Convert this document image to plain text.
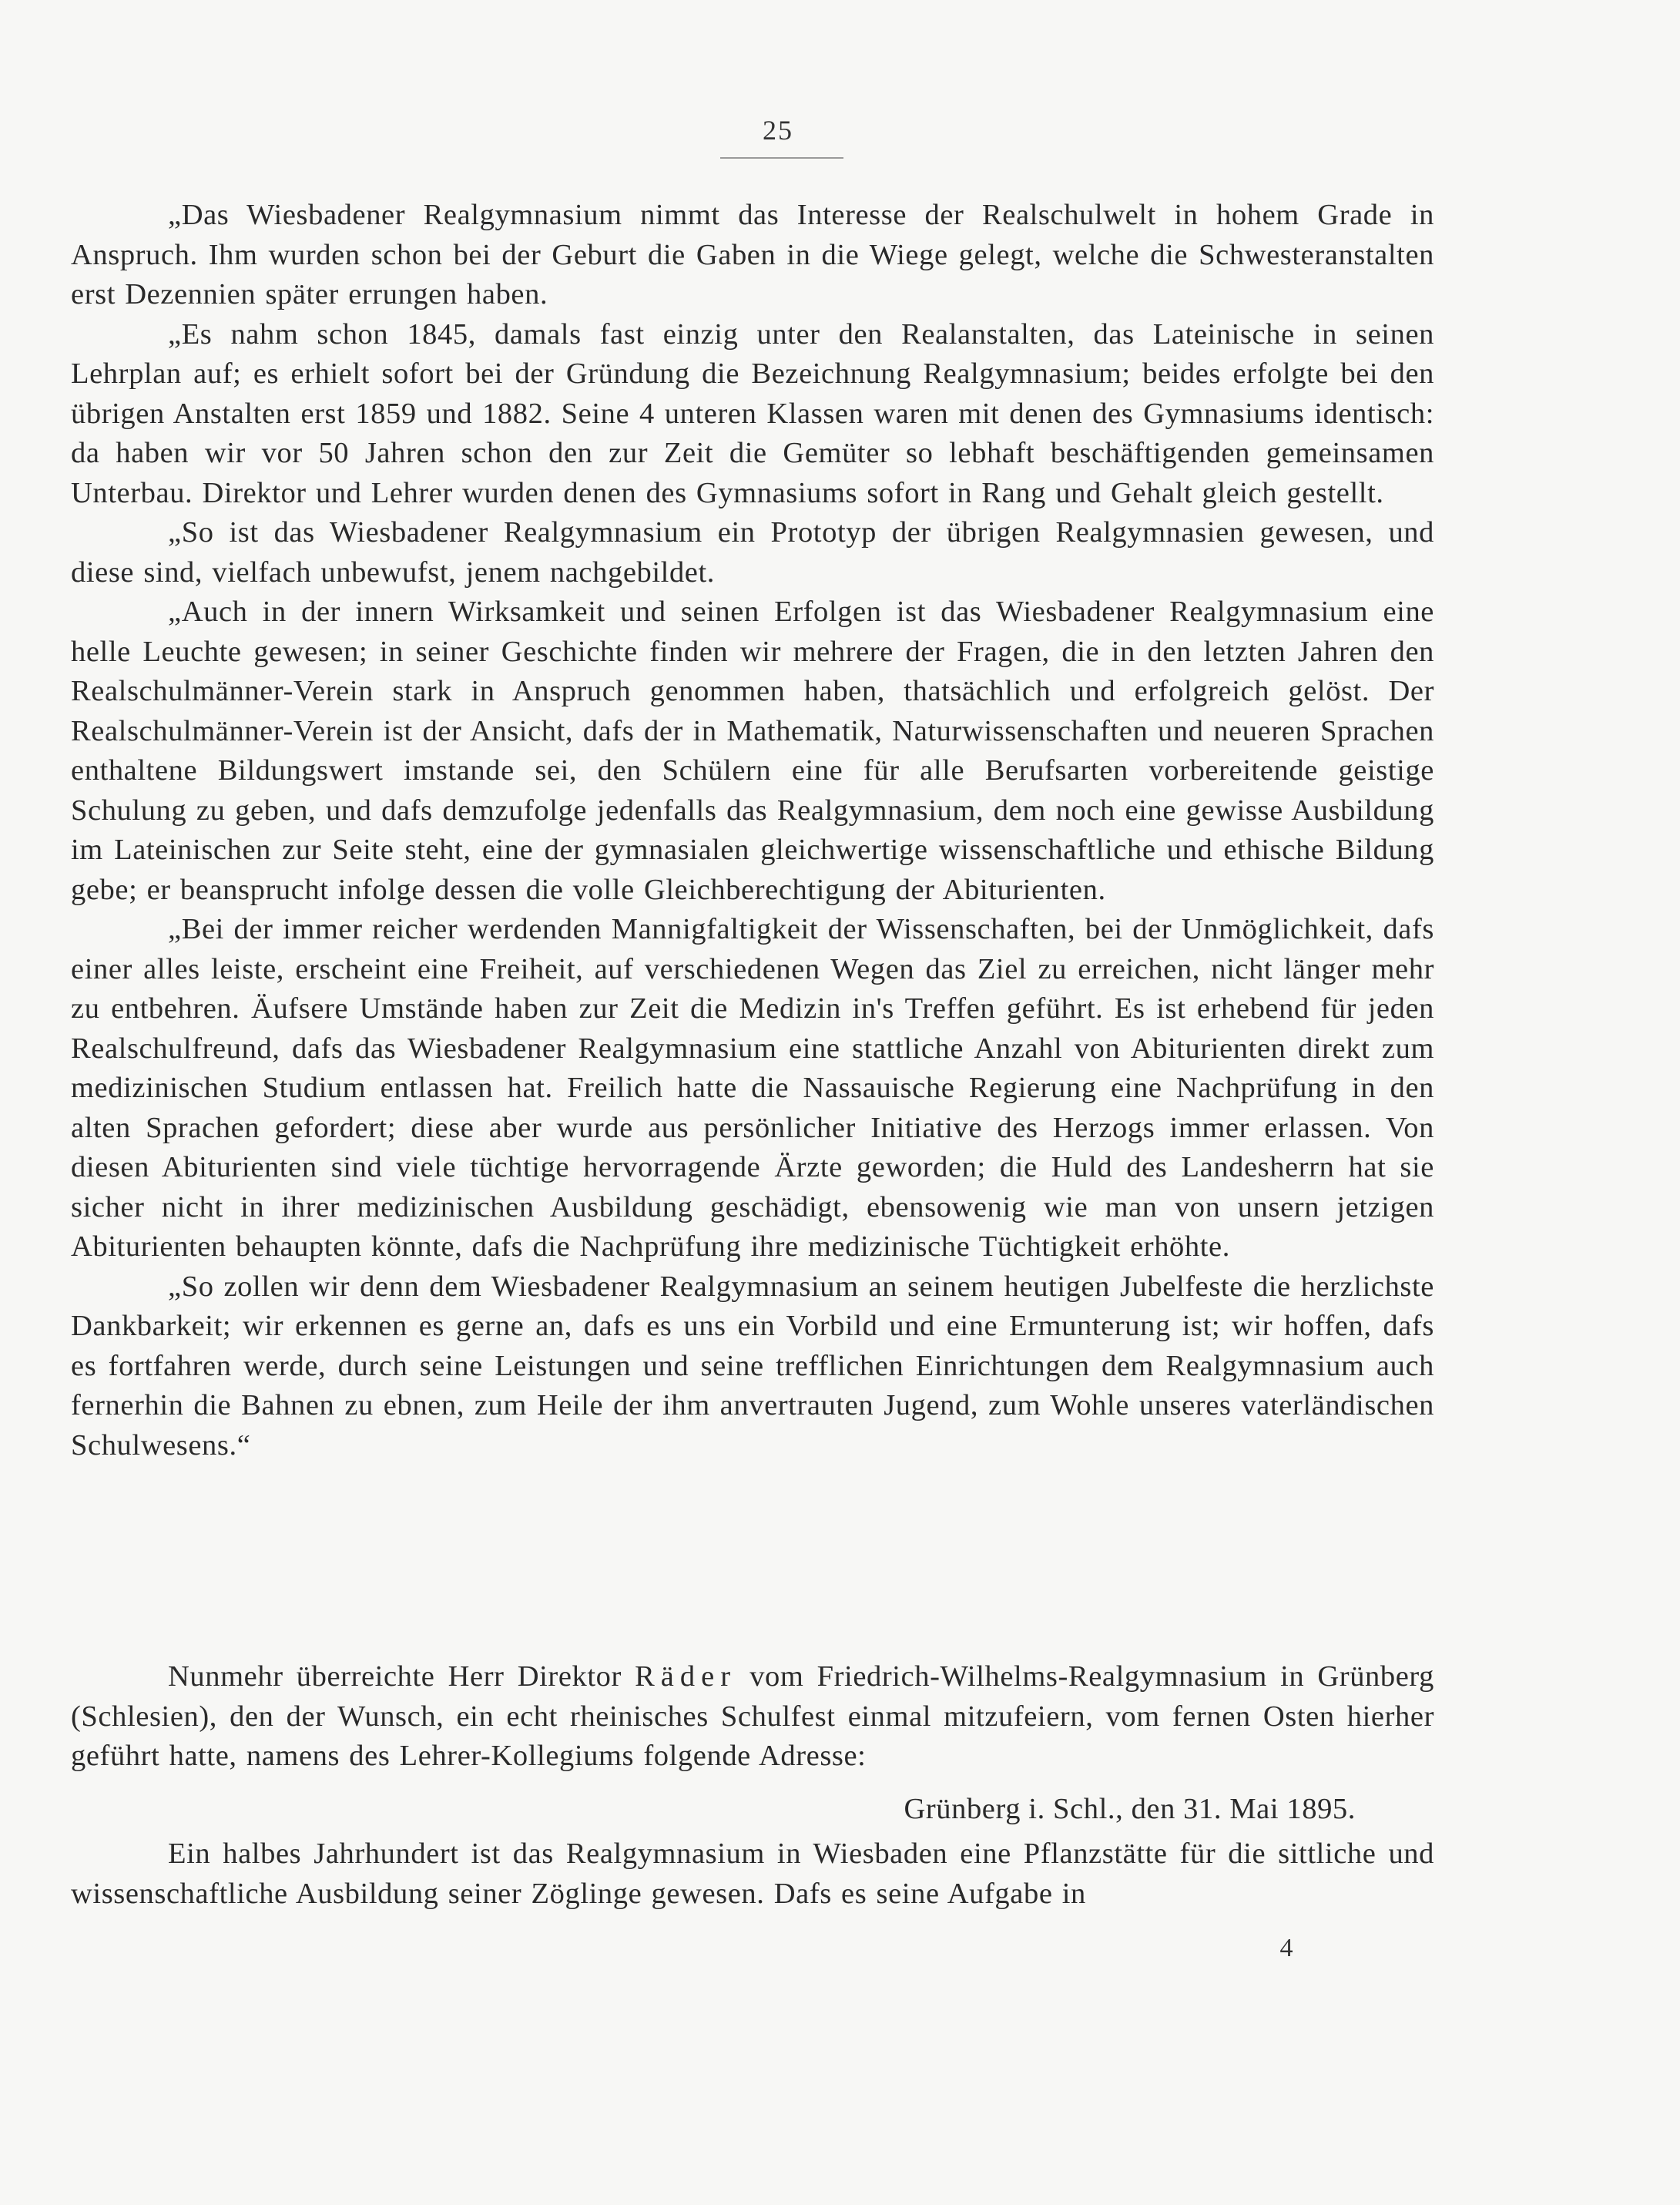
25

„Das Wiesbadener Realgymnasium nimmt das Interesse der Realschulwelt in hohem Grade in Anspruch. Ihm wurden schon bei der Geburt die Gaben in die Wiege gelegt, welche die Schwesteranstalten erst Dezennien später errungen haben.

„Es nahm schon 1845, damals fast einzig unter den Realanstalten, das Lateinische in seinen Lehrplan auf; es erhielt sofort bei der Gründung die Bezeichnung Realgymnasium; beides erfolgte bei den übrigen Anstalten erst 1859 und 1882. Seine 4 unteren Klassen waren mit denen des Gymnasiums identisch: da haben wir vor 50 Jahren schon den zur Zeit die Gemüter so lebhaft beschäftigenden gemeinsamen Unterbau. Direktor und Lehrer wurden denen des Gymnasiums sofort in Rang und Gehalt gleich gestellt.

„So ist das Wiesbadener Realgymnasium ein Prototyp der übrigen Realgymnasien gewesen, und diese sind, vielfach unbewufst, jenem nachgebildet.

„Auch in der innern Wirksamkeit und seinen Erfolgen ist das Wiesbadener Realgymnasium eine helle Leuchte gewesen; in seiner Geschichte finden wir mehrere der Fragen, die in den letzten Jahren den Realschulmänner-Verein stark in Anspruch genommen haben, thatsächlich und erfolgreich gelöst. Der Realschulmänner-Verein ist der Ansicht, dafs der in Mathematik, Naturwissenschaften und neueren Sprachen enthaltene Bildungswert imstande sei, den Schülern eine für alle Berufsarten vorbereitende geistige Schulung zu geben, und dafs demzufolge jedenfalls das Realgymnasium, dem noch eine gewisse Ausbildung im Lateinischen zur Seite steht, eine der gymnasialen gleichwertige wissenschaftliche und ethische Bildung gebe; er beansprucht infolge dessen die volle Gleichberechtigung der Abiturienten.

„Bei der immer reicher werdenden Mannigfaltigkeit der Wissenschaften, bei der Unmöglichkeit, dafs einer alles leiste, erscheint eine Freiheit, auf verschiedenen Wegen das Ziel zu erreichen, nicht länger mehr zu entbehren. Äufsere Umstände haben zur Zeit die Medizin in's Treffen geführt. Es ist erhebend für jeden Realschulfreund, dafs das Wiesbadener Realgymnasium eine stattliche Anzahl von Abiturienten direkt zum medizinischen Studium entlassen hat. Freilich hatte die Nassauische Regierung eine Nachprüfung in den alten Sprachen gefordert; diese aber wurde aus persönlicher Initiative des Herzogs immer erlassen. Von diesen Abiturienten sind viele tüchtige hervorragende Ärzte geworden; die Huld des Landesherrn hat sie sicher nicht in ihrer medizinischen Ausbildung geschädigt, ebensowenig wie man von unsern jetzigen Abiturienten behaupten könnte, dafs die Nachprüfung ihre medizinische Tüchtigkeit erhöhte.

„So zollen wir denn dem Wiesbadener Realgymnasium an seinem heutigen Jubelfeste die herzlichste Dankbarkeit; wir erkennen es gerne an, dafs es uns ein Vorbild und eine Ermunterung ist; wir hoffen, dafs es fortfahren werde, durch seine Leistungen und seine trefflichen Einrichtungen dem Realgymnasium auch fernerhin die Bahnen zu ebnen, zum Heile der ihm anvertrauten Jugend, zum Wohle unseres vaterländischen Schulwesens.“

Nunmehr überreichte Herr Direktor Räder vom Friedrich-Wilhelms-Realgymnasium in Grünberg (Schlesien), den der Wunsch, ein echt rheinisches Schulfest einmal mitzufeiern, vom fernen Osten hierher geführt hatte, namens des Lehrer-Kollegiums folgende Adresse:

Grünberg i. Schl., den 31. Mai 1895.

Ein halbes Jahrhundert ist das Realgymnasium in Wiesbaden eine Pflanzstätte für die sittliche und wissenschaftliche Ausbildung seiner Zöglinge gewesen. Dafs es seine Aufgabe in

4
